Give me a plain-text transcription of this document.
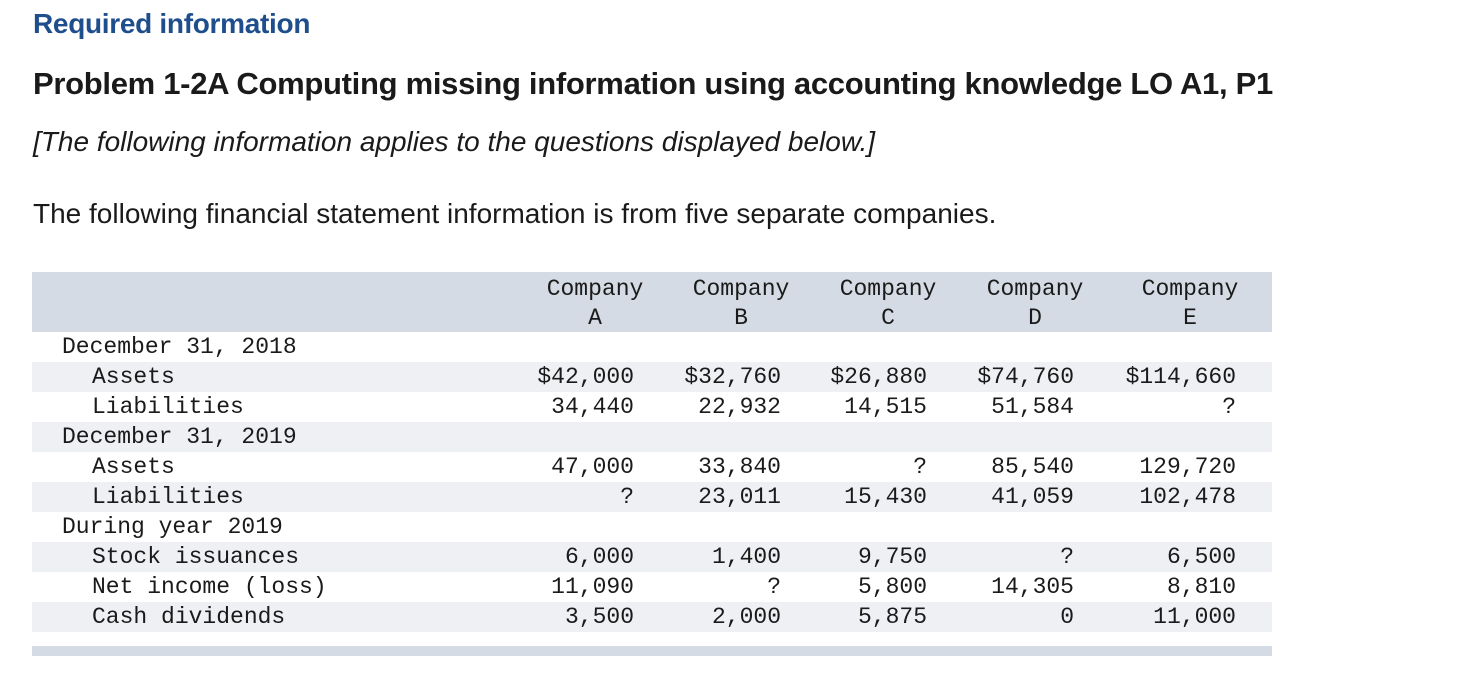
Required information
Problem 1-2A Computing missing information using accounting knowledge LO A1, P1
[The following information applies to the questions displayed below.]
The following financial statement information is from five separate companies.
Company
A
Company
B
Company
C
Company
D
Company
E
December 31, 2018
Assets	$42,000 $32,760 $26,880 $74,760 $114,660
Liabilities	34,440	22,932	14,515	51,584	?
December 31, 2019
Assets	47,000	33,840	?	85,540	129,720
Liabilities	?	23,011	15,430	41,059	102,478
During year 2019
Stock issuances	6,000	1,400	9,750	?	6,500
Net income (loss)	11,090	?	5,800	14,305	8,810
Cash dividends	3,500	2,000	5,875	0	11,000
